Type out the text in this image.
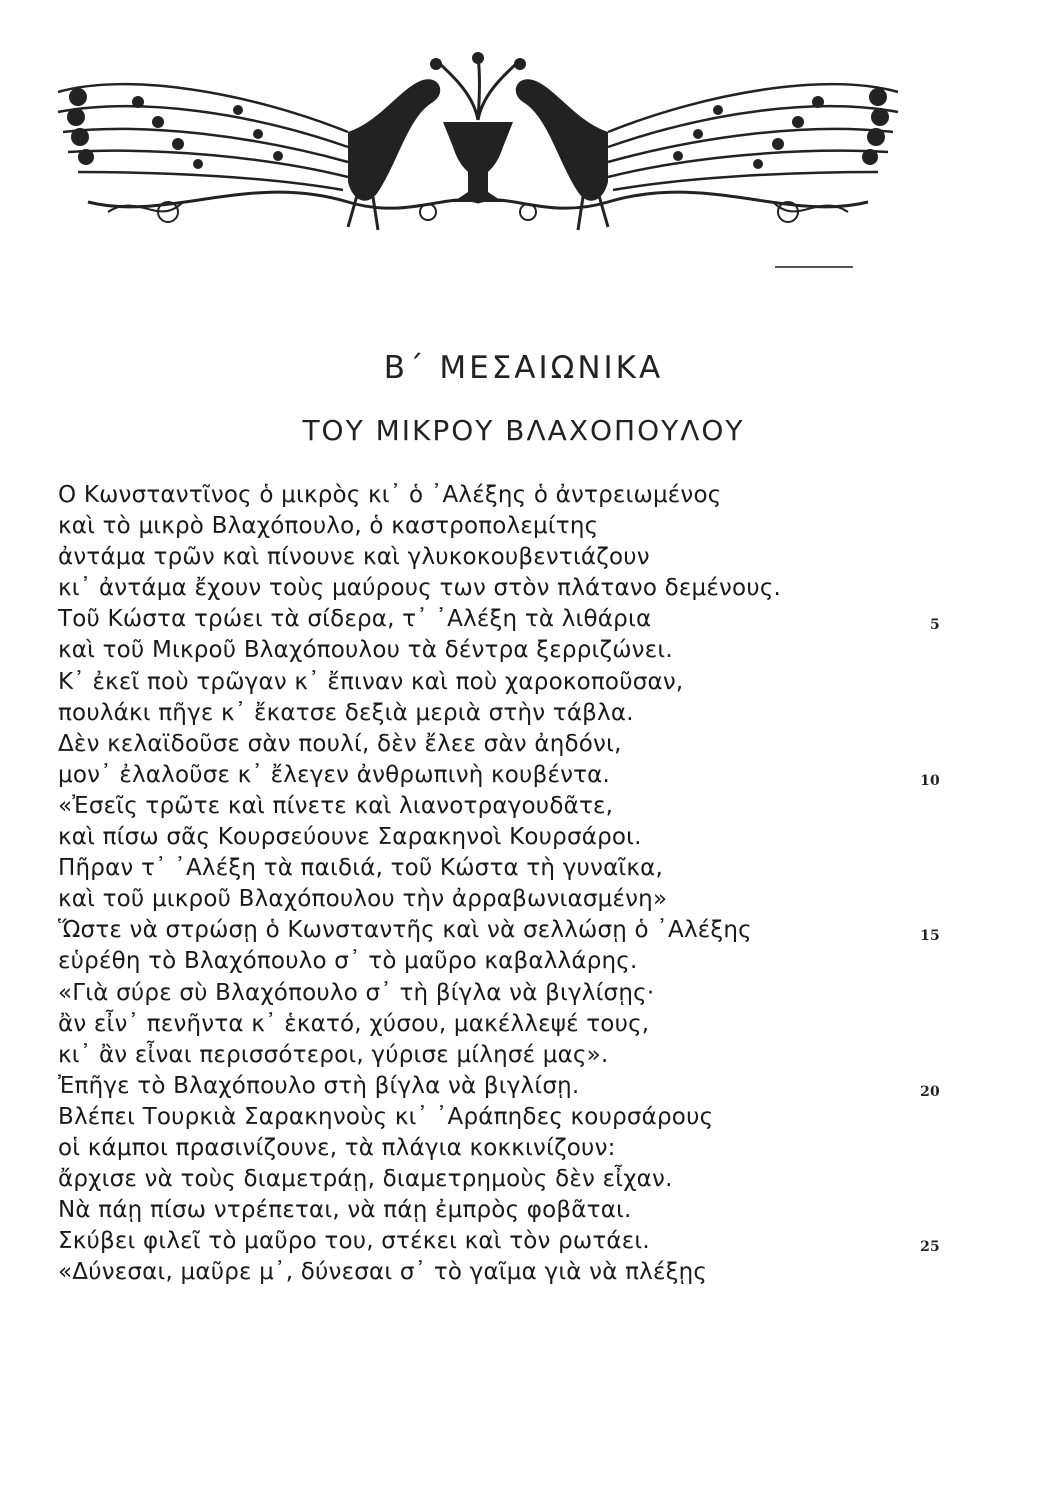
Β΄ ΜΕΣΑΙΩΝΙΚΑ
ΤΟΥ ΜΙΚΡΟΥ ΒΛΑΧΟΠΟΥΛΟΥ
Ο Κωνσταντῖνος ὁ μικρὸς κι᾿ ὁ ᾿Αλέξης ὁ ἀντρειωμένος
καὶ τὸ μικρὸ Βλαχόπουλο, ὁ καστροπολεμίτης
ἀντάμα τρῶν καὶ πίνουνε καὶ γλυκοκουβεντιάζουν
κι᾿ ἀντάμα ἔχουν τοὺς μαύρους των στὸν πλάτανο δεμένους.
Τοῦ Κώστα τρώει τὰ σίδερα, τ᾿ ᾿Αλέξη τὰ λιθάρια	5
καὶ τοῦ Μικροῦ Βλαχόπουλου τὰ δέντρα ξερριζώνει.
Κ᾿ ἐκεῖ ποὺ τρῶγαν κ᾿ ἔπιναν καὶ ποὺ χαροκοποῦσαν,
πουλάκι πῆγε κ᾿ ἔκατσε δεξιὰ μεριὰ στὴν τάβλα.
Δὲν κελαϊδοῦσε σὰν πουλί, δὲν ἔλεε σὰν ἀηδόνι,
μον᾿ ἐλαλοῦσε κ᾿ ἔλεγεν ἀνθρωπινὴ κουβέντα.	10
«Ἐσεῖς τρῶτε καὶ πίνετε καὶ λιανοτραγουδᾶτε,
καὶ πίσω σᾶς Κουρσεύουνε Σαρακηνοὶ Κουρσάροι.
Πῆραν τ᾿ ᾿Αλέξη τὰ παιδιά, τοῦ Κώστα τὴ γυναῖκα,
καὶ τοῦ μικροῦ Βλαχόπουλου τὴν ἀρραβωνιασμένη»
Ὥστε νὰ στρώσῃ ὁ Κωνσταντῆς καὶ νὰ σελλώσῃ ὁ ᾿Αλέξης	15
εὑρέθη τὸ Βλαχόπουλο σ᾿ τὸ μαῦρο καβαλλάρης.
«Γιὰ σύρε σὺ Βλαχόπουλο σ᾿ τὴ βίγλα νὰ βιγλίσῃς·
ἂν εἶν᾿ πενῆντα κ᾿ ἑκατό, χύσου, μακέλλεψέ τους,
κι᾿ ἂν εἶναι περισσότεροι, γύρισε μίλησέ μας».
Ἐπῆγε τὸ Βλαχόπουλο στὴ βίγλα νὰ βιγλίσῃ.	20
Βλέπει Τουρκιὰ Σαρακηνοὺς κι᾿ ᾿Αράπηδες κουρσάρους
οἱ κάμποι πρασινίζουνε, τὰ πλάγια κοκκινίζουν:
ἄρχισε νὰ τοὺς διαμετράῃ, διαμετρημοὺς δὲν εἶχαν.
Νὰ πάῃ πίσω ντρέπεται, νὰ πάῃ ἐμπρὸς φοβᾶται.
Σκύβει φιλεῖ τὸ μαῦρο του, στέκει καὶ τὸν ρωτάει.	25
«Δύνεσαι, μαῦρε μ᾿, δύνεσαι σ᾿ τὸ γαῖμα γιὰ νὰ πλέξῃς
